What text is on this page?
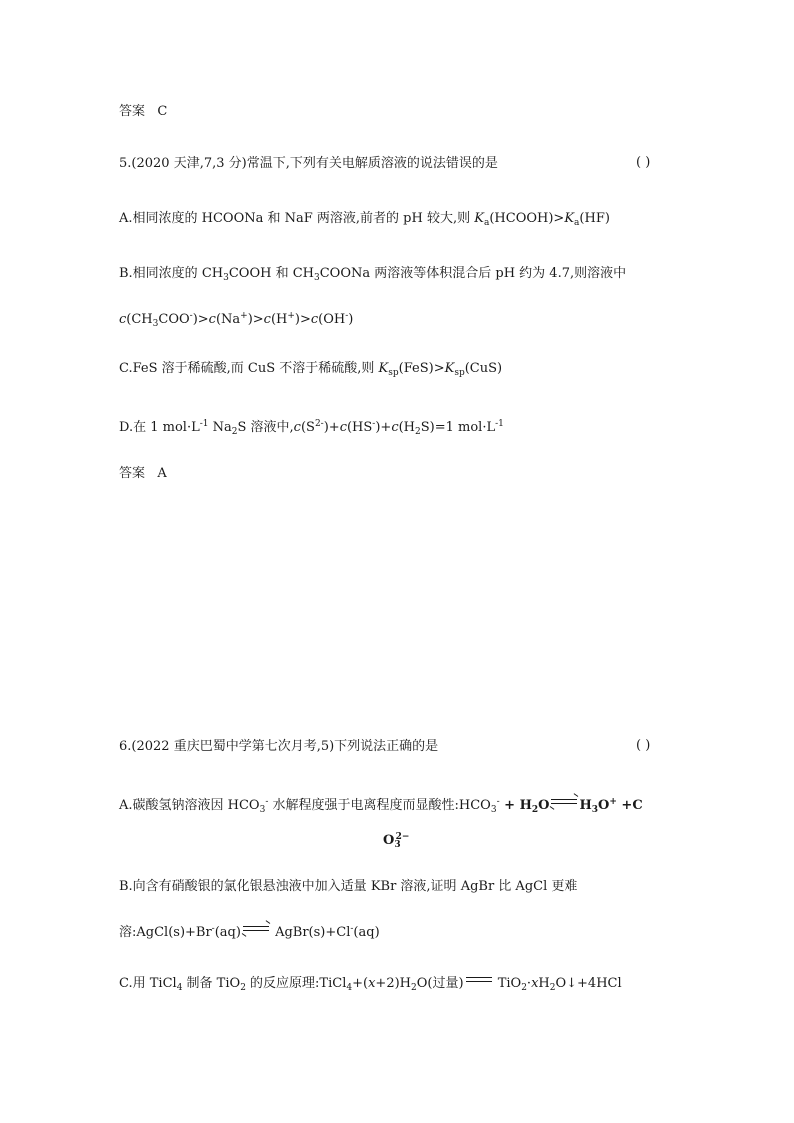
答案 C
5.(2020 天津,7,3 分)常温下,下列有关电解质溶液的说法错误的是	( )
A.相同浓度的 HCOONa 和 NaF 两溶液,前者的 pH 较大,则 $K_a(HCOOH)>K_a(HF)$
B.相同浓度的 $CH_3COOH$ 和 $CH_3COONa$ 两溶液等体积混合后 pH 约为 4.7,则溶液中
$c(CH_3COO^-)>c(Na^+)>c(H^+)>c(OH^-)$
C.FeS 溶于稀硫酸,而 CuS 不溶于稀硫酸,则 $K_{sp}(FeS)>K_{sp}(CuS)$
D.在 1 $mol\cdot L^{-1}$ $Na_2S$ 溶液中$,c(S^{2-})+c(HS^-)+c(H_2S)=1$ $mol\cdot L^{-1}$
答案 A
6.(2022 重庆巴蜀中学第七次月考,5)下列说法正确的是	( )
A.碳酸氢钠溶液因 $HCO_3^-$ 水解程度强于电离程度而显酸性$:HCO_3^- + H_2O$ $H_3O^+ +C$
$O_3^{2-}$
B.向含有硝酸银的氯化银悬浊液中加入适量 KBr 溶液,证明 AgBr 比 AgCl 更难
溶:AgCl(s)+Br-(aq)	AgBr(s)+Cl-(aq)
C.用 TiCl$_4$ 制备 TiO$_2$ 的反应原理$:TiCl_4+(x+2)H_2O$(过量)	$TiO_2\cdot xH_2O↓+4HCl$
